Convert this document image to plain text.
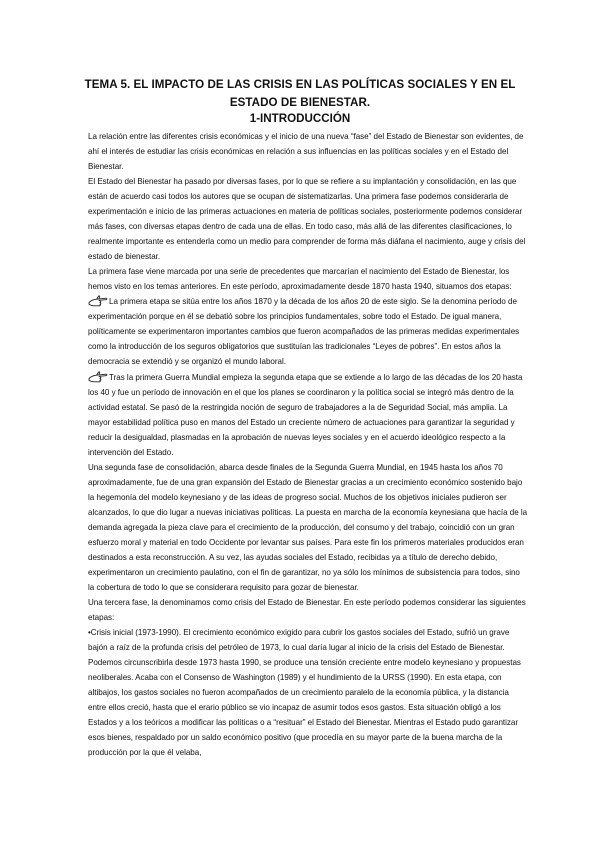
TEMA 5. EL IMPACTO DE LAS CRISIS EN LAS POLÍTICAS SOCIALES Y EN EL ESTADO DE BIENESTAR.
1-INTRODUCCIÓN

La relación entre las diferentes crisis económicas y el inicio de una nueva “fase” del Estado de Bienestar son evidentes, de ahí el interés de estudiar las crisis económicas en relación a sus influencias en las políticas sociales y en el Estado del Bienestar.

El Estado del Bienestar ha pasado por diversas fases, por lo que se refiere a su implantación y consolidación, en las que están de acuerdo casi todos los autores que se ocupan de sistematizarlas. Una primera fase podemos considerarla de experimentación e inicio de las primeras actuaciones en materia de políticas sociales, posteriormente podemos considerar más fases, con diversas etapas dentro de cada una de ellas. En todo caso, más allá de las diferentes clasificaciones, lo realmente importante es entenderla como un medio para comprender de forma más diáfana el nacimiento, auge y crisis del estado de bienestar.

La primera fase viene marcada por una serie de precedentes que marcarían el nacimiento del Estado de Bienestar, los hemos visto en los temas anteriores. En este período, aproximadamente desde 1870 hasta 1940, situamos dos etapas:

La primera etapa se sitúa entre los años 1870 y la década de los años 20 de este siglo. Se la denomina período de experimentación porque en él se debatió sobre los principios fundamentales, sobre todo el Estado. De igual manera, políticamente se experimentaron importantes cambios que fueron acompañados de las primeras medidas experimentales como la introducción de los seguros obligatorios que sustituían las tradicionales “Leyes de pobres”. En estos años la democracia se extendió y se organizó el mundo laboral.

Tras la primera Guerra Mundial empieza la segunda etapa que se extiende a lo largo de las décadas de los 20 hasta los 40 y fue un período de innovación en el que los planes se coordinaron y la política social se integró más dentro de la actividad estatal. Se pasó de la restringida noción de seguro de trabajadores a la de Seguridad Social, más amplia. La mayor estabilidad política puso en manos del Estado un creciente número de actuaciones para garantizar la seguridad y reducir la desigualdad, plasmadas en la aprobación de nuevas leyes sociales y en el acuerdo ideológico respecto a la intervención del Estado.

Una segunda fase de consolidación, abarca desde finales de la Segunda Guerra Mundial, en 1945 hasta los años 70 aproximadamente, fue de una gran expansión del Estado de Bienestar gracias a un crecimiento económico sostenido bajo la hegemonía del modelo keynesiano y de las ideas de progreso social. Muchos de los objetivos iniciales pudieron ser alcanzados, lo que dio lugar a nuevas iniciativas políticas. La puesta en marcha de la economía keynesiana que hacía de la demanda agregada la pieza clave para el crecimiento de la producción, del consumo y del trabajo, coincidió con un gran esfuerzo moral y material en todo Occidente por levantar sus países. Para este fin los primeros materiales producidos eran destinados a esta reconstrucción. A su vez, las ayudas sociales del Estado, recibidas ya a título de derecho debido, experimentaron un crecimiento paulatino, con el fin de garantizar, no ya sólo los mínimos de subsistencia para todos, sino la cobertura de todo lo que se considerara requisito para gozar de bienestar.

Una tercera fase, la denominamos como crisis del Estado de Bienestar. En este período podemos considerar las siguientes etapas:

•Crisis inicial (1973-1990). El crecimiento económico exigido para cubrir los gastos sociales del Estado, sufrió un grave bajón a raíz de la profunda crisis del petróleo de 1973, lo cual daría lugar al inicio de la crisis del Estado de Bienestar. Podemos circunscribirla desde 1973 hasta 1990, se produce una tensión creciente entre modelo keynesiano y propuestas neoliberales. Acaba con el Consenso de Washington (1989) y el hundimiento de la URSS (1990). En esta etapa, con altibajos, los gastos sociales no fueron acompañados de un crecimiento paralelo de la economía pública, y la distancia entre ellos creció, hasta que el erario público se vio incapaz de asumir todos esos gastos. Esta situación obligó a los Estados y a los teóricos a modificar las políticas o a “resituar” el Estado del Bienestar. Mientras el Estado pudo garantizar esos bienes, respaldado por un saldo económico positivo (que procedía en su mayor parte de la buena marcha de la producción por la que él velaba,
